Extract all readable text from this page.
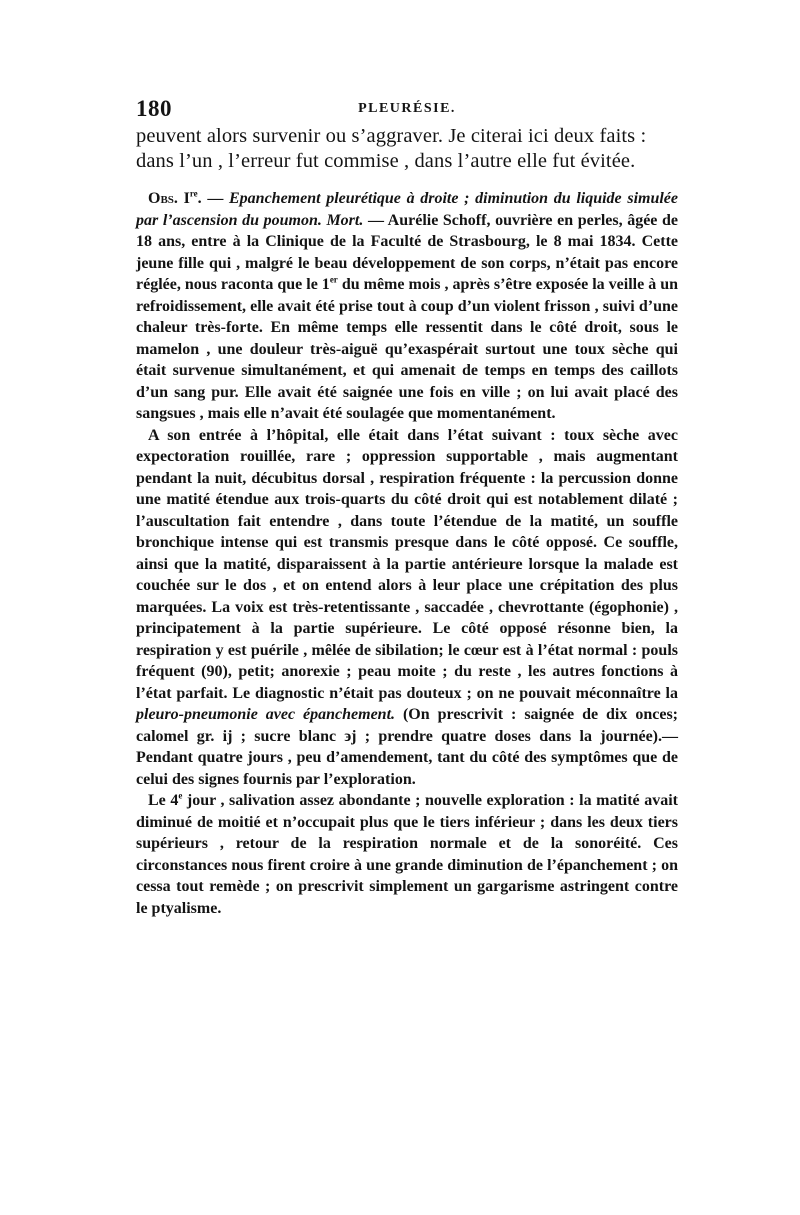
180	PLEURÉSIE.

peuvent alors survenir ou s’aggraver. Je citerai ici deux faits :
dans l’un , l’erreur fut commise , dans l’autre elle fut évitée.

Obs. Ire. — Epanchement pleurétique à droite ; diminution du liquide simulée par l’ascension du poumon. Mort. — Aurélie Schoff, ouvrière en perles, âgée de 18 ans, entre à la Clinique de la Faculté de Strasbourg, le 8 mai 1834. Cette jeune fille qui , malgré le beau développement de son corps, n’était pas encore réglée, nous raconta que le 1er du même mois , après s’être exposée la veille à un refroidissement, elle avait été prise tout à coup d’un violent frisson , suivi d’une chaleur très-forte. En même temps elle ressentit dans le côté droit, sous le mamelon , une douleur très-aiguë qu’exaspérait surtout une toux sèche qui était survenue simultanément, et qui amenait de temps en temps des caillots d’un sang pur. Elle avait été saignée une fois en ville ; on lui avait placé des sangsues , mais elle n’avait été soulagée que momentanément.

A son entrée à l’hôpital, elle était dans l’état suivant : toux sèche avec expectoration rouillée, rare ; oppression supportable , mais augmentant pendant la nuit, décubitus dorsal , respiration fréquente : la percussion donne une matité étendue aux trois-quarts du côté droit qui est notablement dilaté ; l’auscultation fait entendre , dans toute l’étendue de la matité, un souffle bronchique intense qui est transmis presque dans le côté opposé. Ce souffle, ainsi que la matité, disparaissent à la partie antérieure lorsque la malade est couchée sur le dos , et on entend alors à leur place une crépitation des plus marquées. La voix est très-retentissante , saccadée , chevrottante (égophonie) , principatement à la partie supérieure. Le côté opposé résonne bien, la respiration y est puérile , mêlée de sibilation; le cœur est à l’état normal : pouls fréquent (90), petit; anorexie ; peau moite ; du reste , les autres fonctions à l’état parfait. Le diagnostic n’était pas douteux ; on ne pouvait méconnaître la pleuro-pneumonie avec épanchement. (On prescrivit : saignée de dix onces; calomel gr. ij ; sucre blanc ϶j ; prendre quatre doses dans la journée).—Pendant quatre jours , peu d’amendement, tant du côté des symptômes que de celui des signes fournis par l’exploration.

Le 4e jour , salivation assez abondante ; nouvelle exploration : la matité avait diminué de moitié et n’occupait plus que le tiers inférieur ; dans les deux tiers supérieurs , retour de la respiration normale et de la sonoréité. Ces circonstances nous firent croire à une grande diminution de l’épanchement ; on cessa tout remède ; on prescrivit simplement un gargarisme astringent contre le ptyalisme.
